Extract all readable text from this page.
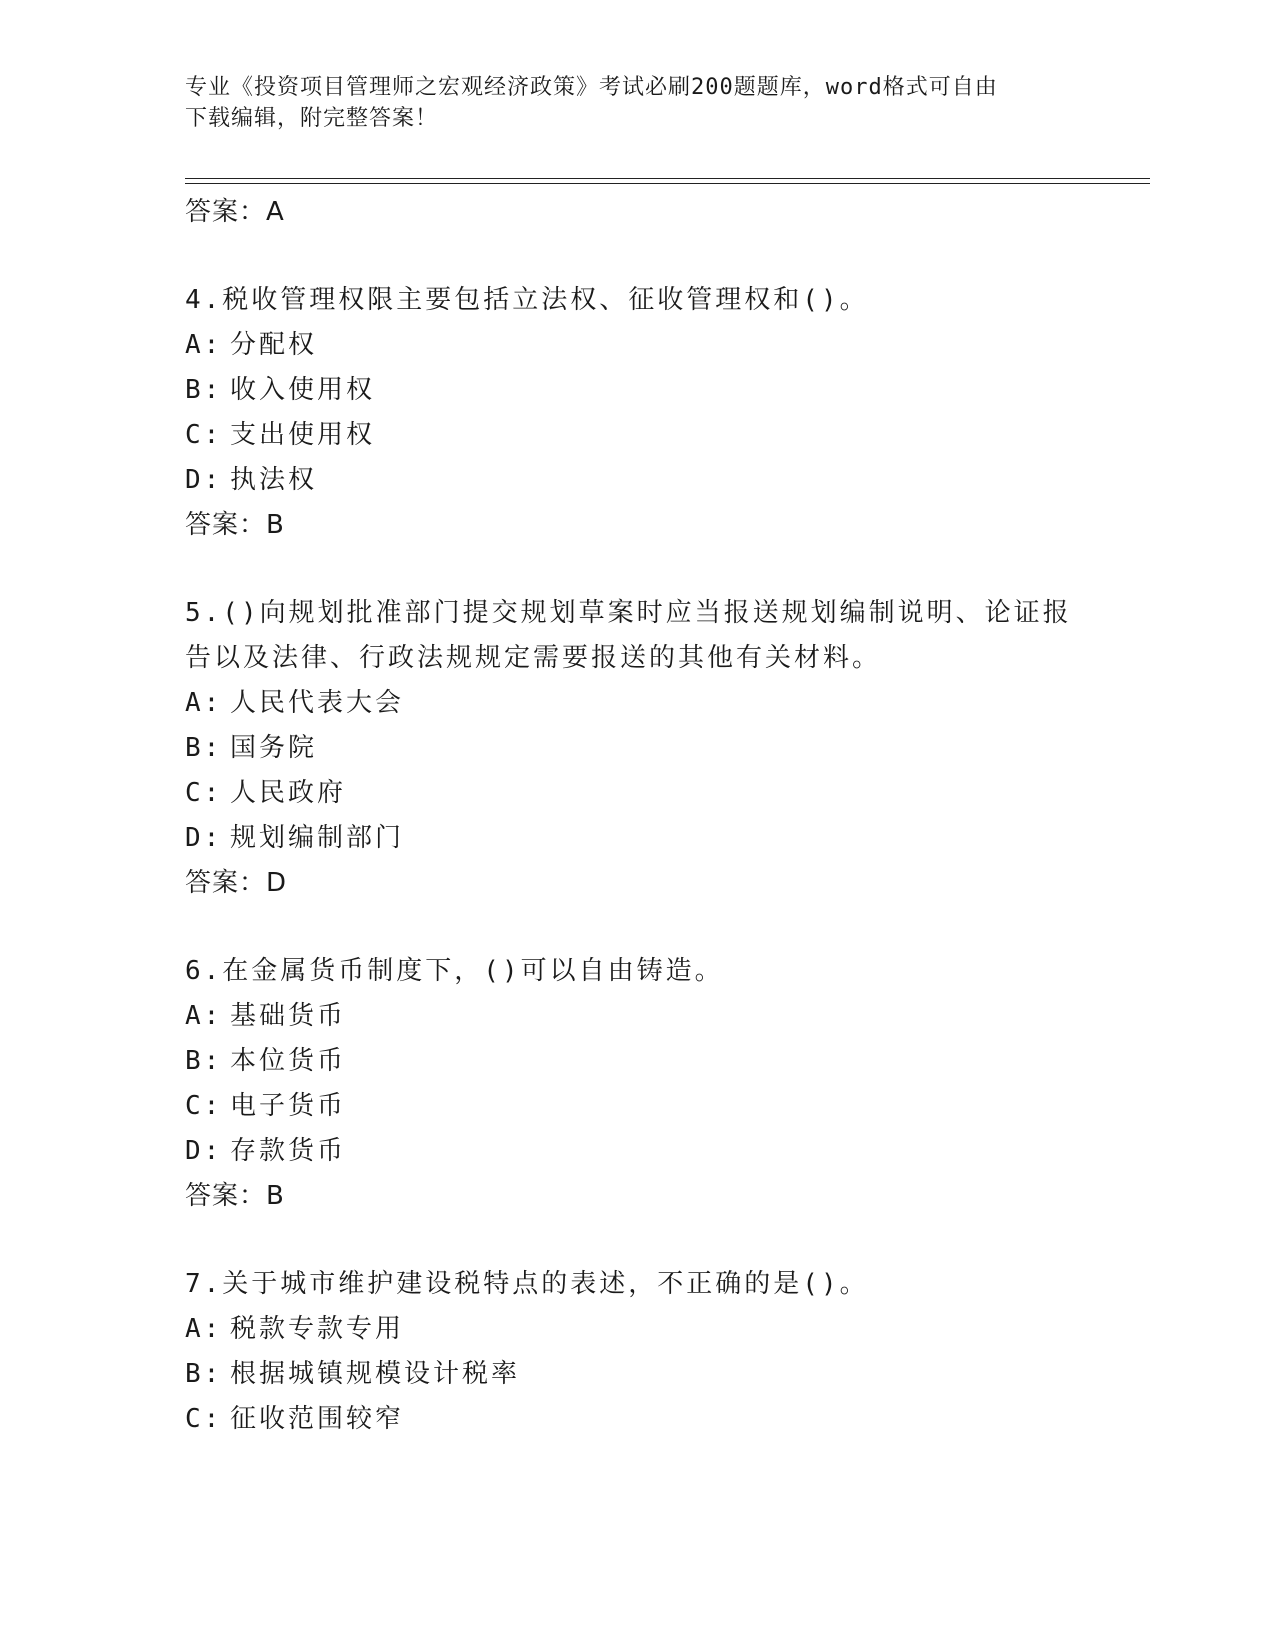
专业《投资项目管理师之宏观经济政策》考试必刷200题题库，word格式可自由
下载编辑，附完整答案！
答案：A
4.税收管理权限主要包括立法权、征收管理权和()。
A: 分配权
B: 收入使用权
C: 支出使用权
D: 执法权
答案：B
5.()向规划批准部门提交规划草案时应当报送规划编制说明、论证报
告以及法律、行政法规规定需要报送的其他有关材料。
A: 人民代表大会
B: 国务院
C: 人民政府
D: 规划编制部门
答案：D
6.在金属货币制度下，()可以自由铸造。
A: 基础货币
B: 本位货币
C: 电子货币
D: 存款货币
答案：B
7.关于城市维护建设税特点的表述，不正确的是()。
A: 税款专款专用
B: 根据城镇规模设计税率
C: 征收范围较窄
